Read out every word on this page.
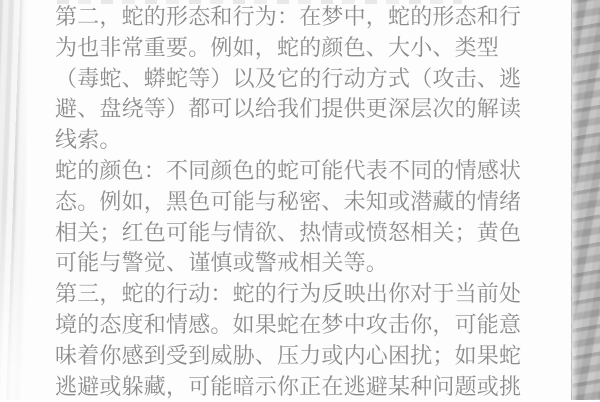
第二，蛇的形态和行为：在梦中，蛇的形态和行
为也非常重要。例如，蛇的颜色、大小、类型
（毒蛇、蟒蛇等）以及它的行动方式（攻击、逃
避、盘绕等）都可以给我们提供更深层次的解读
线索。
蛇的颜色：不同颜色的蛇可能代表不同的情感状
态。例如，黑色可能与秘密、未知或潜藏的情绪
相关；红色可能与情欲、热情或愤怒相关；黄色
可能与警觉、谨慎或警戒相关等。
第三，蛇的行动：蛇的行为反映出你对于当前处
境的态度和情感。如果蛇在梦中攻击你，可能意
味着你感到受到威胁、压力或内心困扰；如果蛇
逃避或躲藏，可能暗示你正在逃避某种问题或挑
